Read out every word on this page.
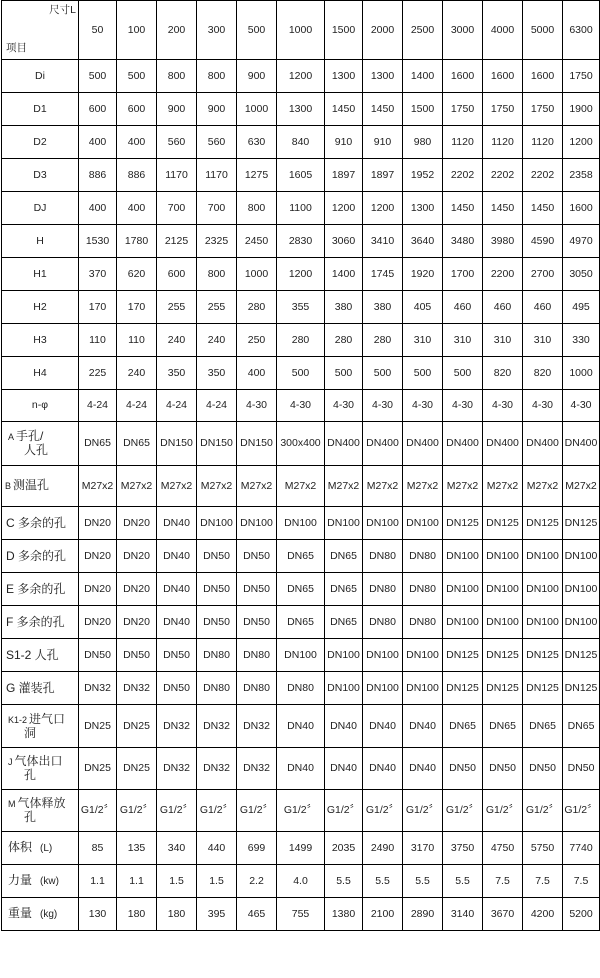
尺寸L
项目	50	100	200	300	500	1000	1500	2000	2500	3000	4000	5000	6300
Di	500	500	800	800	900	1200	1300	1300	1400	1600	1600	1600	1750
D1	600	600	900	900	1000	1300	1450	1450	1500	1750	1750	1750	1900
D2	400	400	560	560	630	840	910	910	980	1120	1120	1120	1200
D3	886	886	1170	1170	1275	1605	1897	1897	1952	2202	2202	2202	2358
DJ	400	400	700	700	800	1100	1200	1200	1300	1450	1450	1450	1600
H	1530	1780	2125	2325	2450	2830	3060	3410	3640	3480	3980	4590	4970
H1	370	620	600	800	1000	1200	1400	1745	1920	1700	2200	2700	3050
H2	170	170	255	255	280	355	380	380	405	460	460	460	495
H3	110	110	240	240	250	280	280	280	310	310	310	310	330
H4	225	240	350	350	400	500	500	500	500	500	820	820	1000
n-φ	4-24	4-24	4-24	4-24	4-30	4-30	4-30	4-30	4-30	4-30	4-30	4-30	4-30

A 手孔/
人孔	DN65	DN65	DN150	DN150	DN150	300x400	DN400	DN400	DN400	DN400	DN400	DN400	DN400
B 测温孔	M27x2	M27x2	M27x2	M27x2	M27x2	M27x2	M27x2	M27x2	M27x2	M27x2	M27x2	M27x2	M27x2
C 多余的孔	DN20	DN20	DN40	DN100	DN100	DN100	DN100	DN100	DN100	DN125	DN125	DN125	DN125
D 多余的孔	DN20	DN20	DN40	DN50	DN50	DN65	DN65	DN80	DN80	DN100	DN100	DN100	DN100
E 多余的孔	DN20	DN20	DN40	DN50	DN50	DN65	DN65	DN80	DN80	DN100	DN100	DN100	DN100
F 多余的孔	DN20	DN20	DN40	DN50	DN50	DN65	DN65	DN80	DN80	DN100	DN100	DN100	DN100
S1-2 人孔	DN50	DN50	DN50	DN80	DN80	DN100	DN100	DN100	DN100	DN125	DN125	DN125	DN125
G 灌装孔	DN32	DN32	DN50	DN80	DN80	DN80	DN100	DN100	DN100	DN125	DN125	DN125	DN125

K1-2 进气口
洞	DN25	DN25	DN32	DN32	DN32	DN40	DN40	DN40	DN40	DN65	DN65	DN65	DN65

J 气体出口
孔	DN25	DN25	DN32	DN32	DN32	DN40	DN40	DN40	DN40	DN50	DN50	DN50	DN50

M 气体释放
孔	G1/2〞	G1/2〞	G1/2〞	G1/2〞	G1/2〞	G1/2〞	G1/2〞	G1/2〞	G1/2〞	G1/2〞	G1/2〞	G1/2〞	G1/2〞
体积 (L)	85	135	340	440	699	1499	2035	2490	3170	3750	4750	5750	7740
力量 (kw)	1.1	1.1	1.5	1.5	2.2	4.0	5.5	5.5	5.5	5.5	7.5	7.5	7.5
重量 (kg)	130	180	180	395	465	755	1380	2100	2890	3140	3670	4200	5200
